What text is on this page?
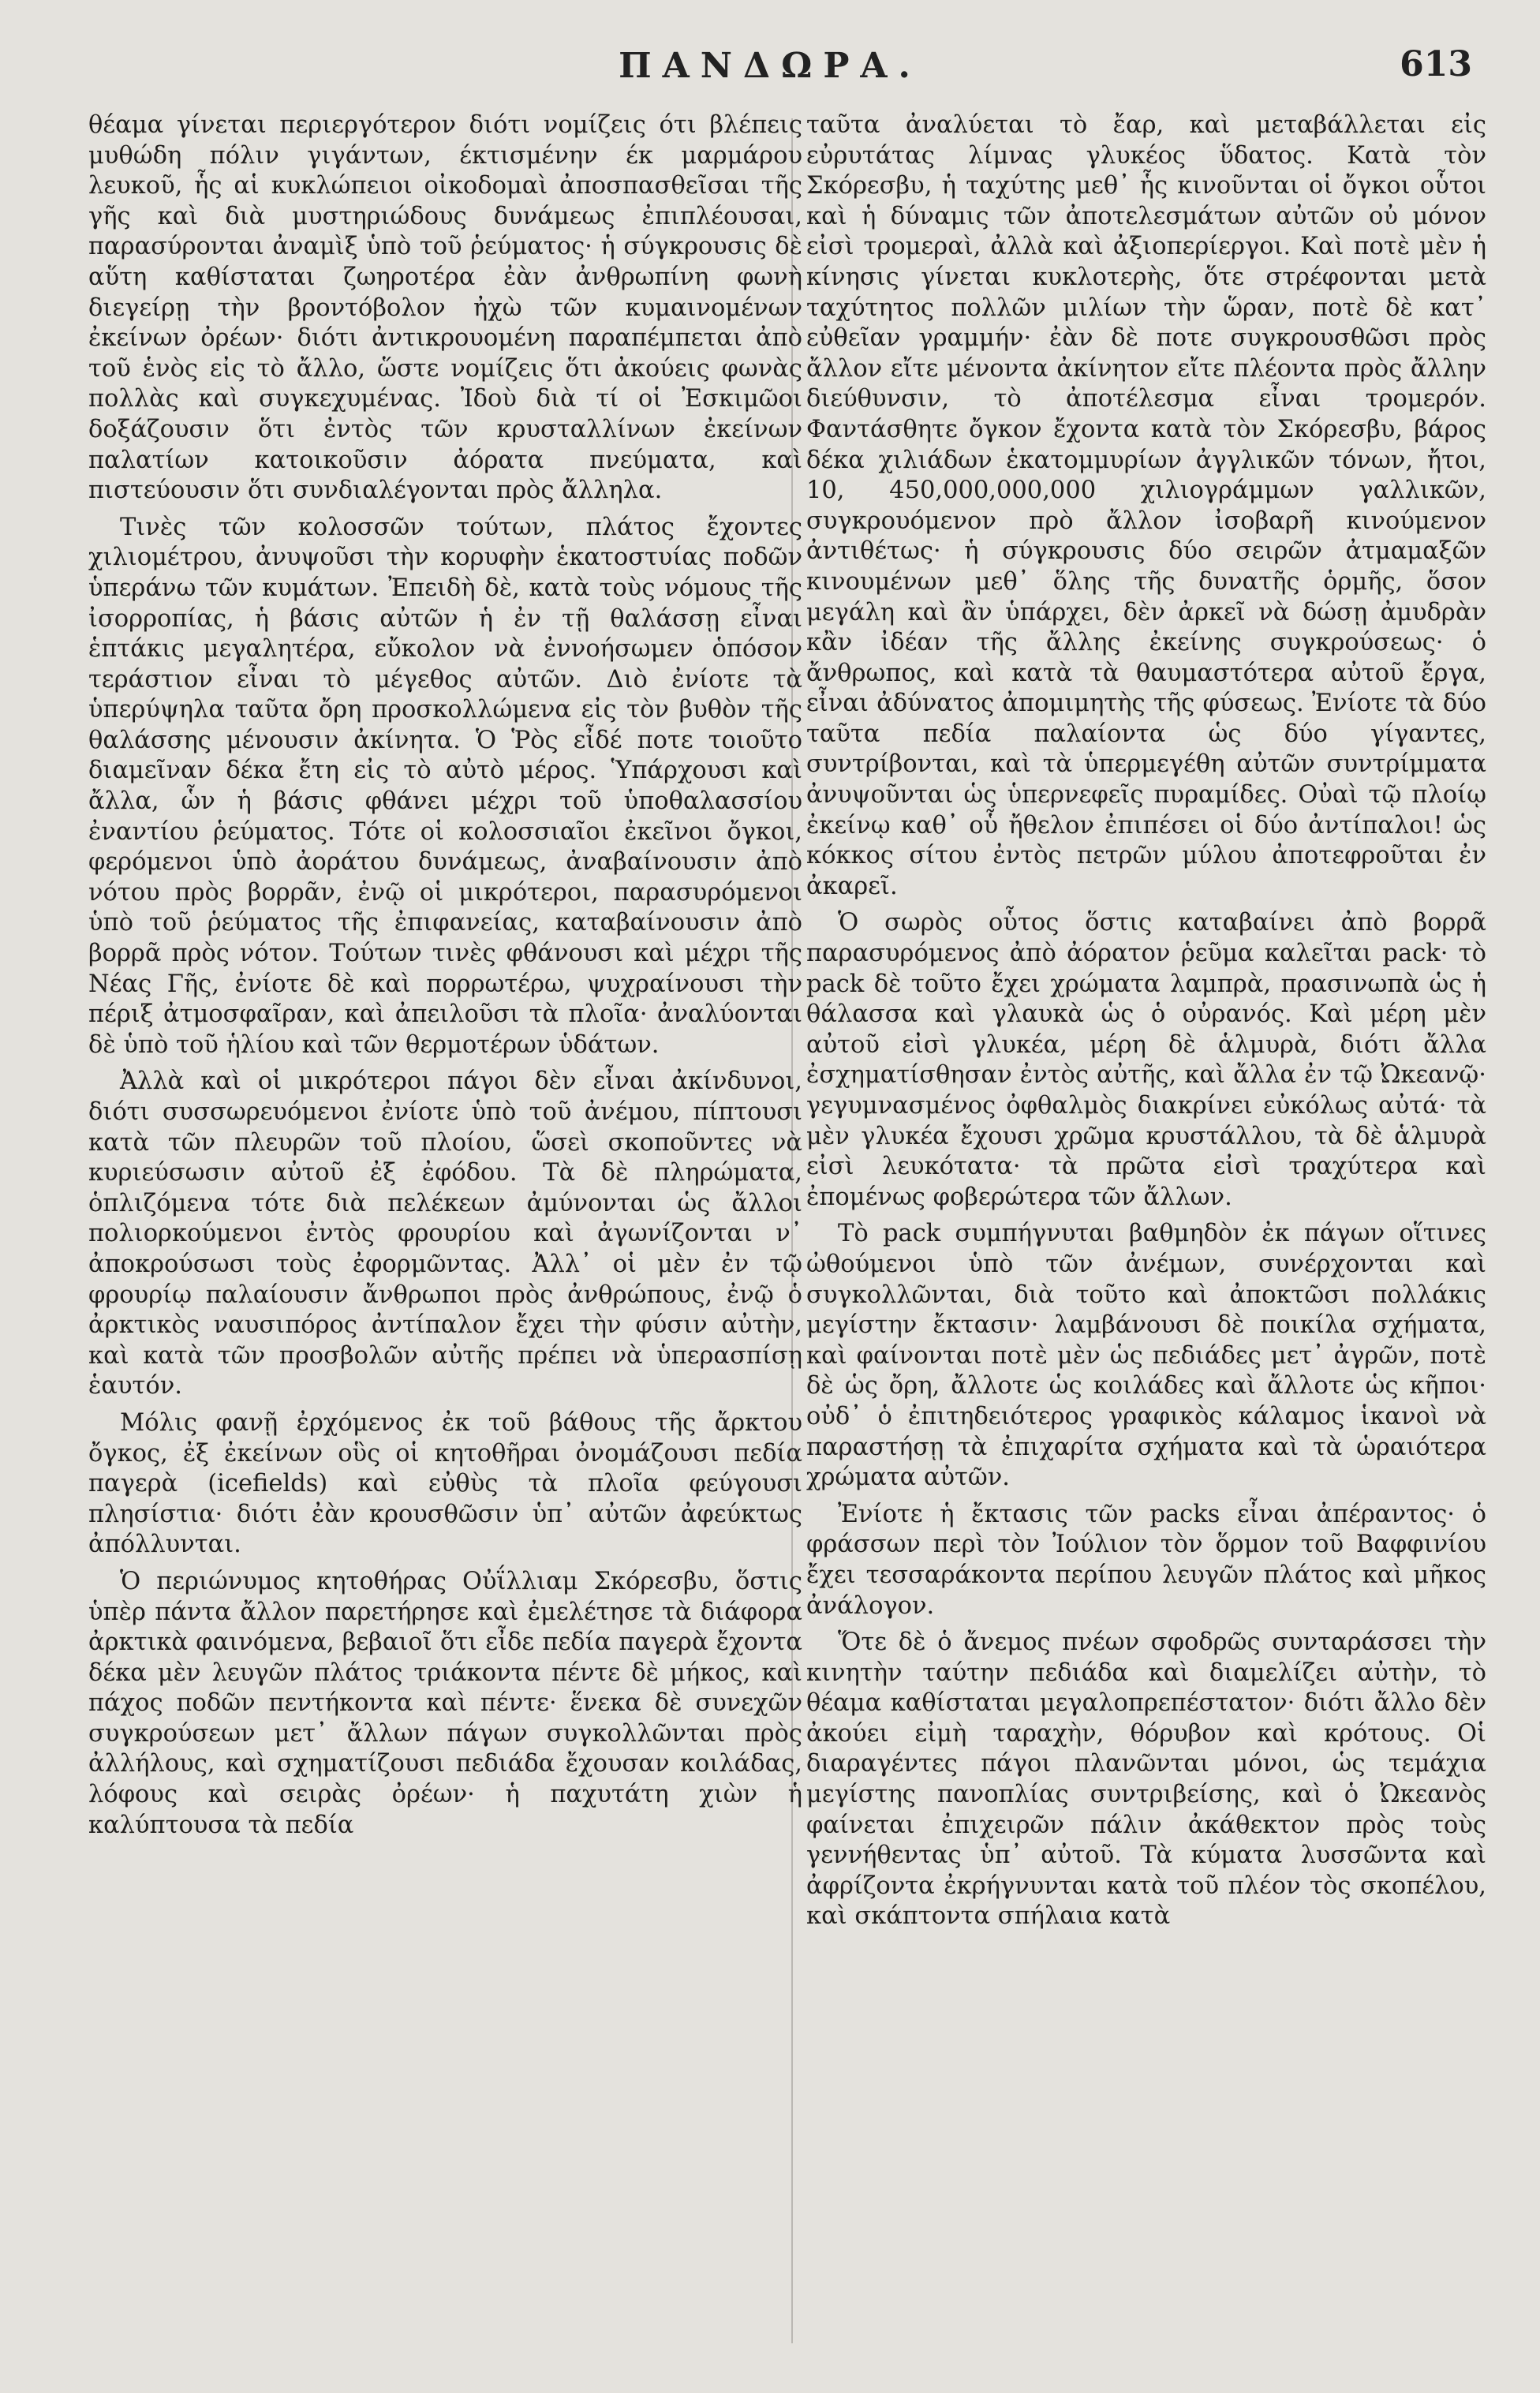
ΠΑΝΔΩΡΑ.	613

θέαμα γίνεται περιεργότερον διότι νομίζεις ότι βλέπεις μυθώδη πόλιν γιγάντων, έκτισμένην έκ μαρμάρου λευκοῦ, ἧς αἱ κυκλώπειοι οἰκοδομαὶ ἀποσπασθεῖσαι τῆς γῆς καὶ διὰ μυστηριώδους δυνάμεως ἐπιπλέουσαι, παρασύρονται ἀναμὶξ ὑπὸ τοῦ ῥεύματος· ἡ σύγκρουσις δὲ αὕτη καθίσταται ζωηροτέρα ἐὰν ἀνθρωπίνη φωνὴ διεγείρῃ τὴν βροντόβολον ἠχὼ τῶν κυμαινομένων ἐκείνων ὀρέων· διότι ἀντικρουομένη παραπέμπεται ἀπὸ τοῦ ἑνὸς εἰς τὸ ἄλλο, ὥστε νομίζεις ὅτι ἀκούεις φωνὰς πολλὰς καὶ συγκεχυμένας. Ἰδοὺ διὰ τί οἱ Ἐσκιμῶοι δοξάζουσιν ὅτι ἐντὸς τῶν κρυσταλλίνων ἐκείνων παλατίων κατοικοῦσιν ἀόρατα πνεύματα, καὶ πιστεύουσιν ὅτι συνδιαλέγονται πρὸς ἄλληλα.

Τινὲς τῶν κολοσσῶν τούτων, πλάτος ἔχοντες χιλιομέτρου, ἀνυψοῦσι τὴν κορυφὴν ἑκατοστυίας ποδῶν ὑπεράνω τῶν κυμάτων. Ἐπειδὴ δὲ, κατὰ τοὺς νόμους τῆς ἰσορροπίας, ἡ βάσις αὐτῶν ἡ ἐν τῇ θαλάσσῃ εἶναι ἑπτάκις μεγαλητέρα, εὔκολον νὰ ἐννοήσωμεν ὁπόσον τεράστιον εἶναι τὸ μέγεθος αὐτῶν. Διὸ ἐνίοτε τὰ ὑπερύψηλα ταῦτα ὄρη προσκολλώμενα εἰς τὸν βυθὸν τῆς θαλάσσης μένουσιν ἀκίνητα. Ὁ Ῥὸς εἶδέ ποτε τοιοῦτο διαμεῖναν δέκα ἔτη εἰς τὸ αὐτὸ μέρος. Ὑπάρχουσι καὶ ἄλλα, ὧν ἡ βάσις φθάνει μέχρι τοῦ ὑποθαλασσίου ἐναντίου ῥεύματος. Τότε οἱ κολοσσιαῖοι ἐκεῖνοι ὄγκοι, φερόμενοι ὑπὸ ἀοράτου δυνάμεως, ἀναβαίνουσιν ἀπὸ νότου πρὸς βορρᾶν, ἐνῷ οἱ μικρότεροι, παρασυρόμενοι ὑπὸ τοῦ ῥεύματος τῆς ἐπιφανείας, καταβαίνουσιν ἀπὸ βορρᾶ πρὸς νότον. Τούτων τινὲς φθάνουσι καὶ μέχρι τῆς Νέας Γῆς, ἐνίοτε δὲ καὶ πορρωτέρω, ψυχραίνουσι τὴν πέριξ ἀτμοσφαῖραν, καὶ ἀπειλοῦσι τὰ πλοῖα· ἀναλύονται δὲ ὑπὸ τοῦ ἡλίου καὶ τῶν θερμοτέρων ὑδάτων.

Ἀλλὰ καὶ οἱ μικρότεροι πάγοι δὲν εἶναι ἀκίνδυνοι, διότι συσσωρευόμενοι ἐνίοτε ὑπὸ τοῦ ἀνέμου, πίπτουσι κατὰ τῶν πλευρῶν τοῦ πλοίου, ὥσεὶ σκοποῦντες νὰ κυριεύσωσιν αὐτοῦ ἐξ ἐφόδου. Τὰ δὲ πληρώματα, ὁπλιζόμενα τότε διὰ πελέκεων ἀμύνονται ὡς ἄλλοι πολιορκούμενοι ἐντὸς φρουρίου καὶ ἀγωνίζονται ν᾽ ἀποκρούσωσι τοὺς ἐφορμῶντας. Ἀλλ᾽ οἱ μὲν ἐν τῷ φρουρίῳ παλαίουσιν ἄνθρωποι πρὸς ἀνθρώπους, ἐνῷ ὁ ἀρκτικὸς ναυσιπόρος ἀντίπαλον ἔχει τὴν φύσιν αὐτὴν, καὶ κατὰ τῶν προσβολῶν αὐτῆς πρέπει νὰ ὑπερασπίσῃ ἑαυτόν.

Μόλις φανῇ ἐρχόμενος ἐκ τοῦ βάθους τῆς ἄρκτου ὄγκος, ἐξ ἐκείνων οὓς οἱ κητοθῆραι ὀνομάζουσι πεδία παγερὰ (icefields) καὶ εὐθὺς τὰ πλοῖα φεύγουσι πλησίστια· διότι ἐὰν κρουσθῶσιν ὑπ᾽ αὐτῶν ἀφεύκτως ἀπόλλυνται.

Ὁ περιώνυμος κητοθήρας Οὐΐλλιαμ Σκόρεσβυ, ὅστις ὑπὲρ πάντα ἄλλον παρετήρησε καὶ ἐμελέτησε τὰ διάφορα ἀρκτικὰ φαινόμενα, βεβαιοῖ ὅτι εἶδε πεδία παγερὰ ἔχοντα δέκα μὲν λευγῶν πλάτος τριάκοντα πέντε δὲ μήκος, καὶ πάχος ποδῶν πεντήκοντα καὶ πέντε· ἕνεκα δὲ συνεχῶν συγκρούσεων μετ᾽ ἄλλων πάγων συγκολλῶνται πρὸς ἀλλήλους, καὶ σχηματίζουσι πεδιάδα ἔχουσαν κοιλάδας, λόφους καὶ σειρὰς ὀρέων· ἡ παχυτάτη χιὼν ἡ καλύπτουσα τὰ πεδία

ταῦτα ἀναλύεται τὸ ἔαρ, καὶ μεταβάλλεται εἰς εὐρυτάτας λίμνας γλυκέος ὕδατος. Κατὰ τὸν Σκόρεσβυ, ἡ ταχύτης μεθ᾽ ἧς κινοῦνται οἱ ὄγκοι οὗτοι καὶ ἡ δύναμις τῶν ἀποτελεσμάτων αὐτῶν οὐ μόνον εἰσὶ τρομεραὶ, ἀλλὰ καὶ ἀξιοπερίεργοι. Καὶ ποτὲ μὲν ἡ κίνησις γίνεται κυκλοτερὴς, ὅτε στρέφονται μετὰ ταχύτητος πολλῶν μιλίων τὴν ὥραν, ποτὲ δὲ κατ᾽ εὐθεῖαν γραμμήν· ἐὰν δὲ ποτε συγκρουσθῶσι πρὸς ἄλλον εἴτε μένοντα ἀκίνητον εἴτε πλέοντα πρὸς ἄλλην διεύθυνσιν, τὸ ἀποτέλεσμα εἶναι τρομερόν. Φαντάσθητε ὄγκον ἔχοντα κατὰ τὸν Σκόρεσβυ, βάρος δέκα χιλιάδων ἑκατομμυρίων ἀγγλικῶν τόνων, ἤτοι, 10, 450,000,000,000 χιλιογράμμων γαλλικῶν, συγκρουόμενον πρὸ ἄλλον ἰσοβαρῆ κινούμενον ἀντιθέτως· ἡ σύγκρουσις δύο σειρῶν ἀτμαμαξῶν κινουμένων μεθ᾽ ὅλης τῆς δυνατῆς ὁρμῆς, ὅσον μεγάλη καὶ ἂν ὑπάρχει, δὲν ἀρκεῖ νὰ δώσῃ ἀμυδρὰν κἂν ἰδέαν τῆς ἄλλης ἐκείνης συγκρούσεως· ὁ ἄνθρωπος, καὶ κατὰ τὰ θαυμαστότερα αὐτοῦ ἔργα, εἶναι ἀδύνατος ἀπομιμητὴς τῆς φύσεως. Ἐνίοτε τὰ δύο ταῦτα πεδία παλαίοντα ὡς δύο γίγαντες, συντρίβονται, καὶ τὰ ὑπερμεγέθη αὐτῶν συντρίμματα ἀνυψοῦνται ὡς ὑπερνεφεῖς πυραμίδες. Οὐαὶ τῷ πλοίῳ ἐκείνῳ καθ᾽ οὗ ἤθελον ἐπιπέσει οἱ δύο ἀντίπαλοι! ὡς κόκκος σίτου ἐντὸς πετρῶν μύλου ἀποτεφροῦται ἐν ἀκαρεῖ.

Ὁ σωρὸς οὗτος ὅστις καταβαίνει ἀπὸ βορρᾶ παρασυρόμενος ἀπὸ ἀόρατον ῥεῦμα καλεῖται pack· τὸ pack δὲ τοῦτο ἔχει χρώματα λαμπρὰ, πρασινωπὰ ὡς ἡ θάλασσα καὶ γλαυκὰ ὡς ὁ οὐρανός. Καὶ μέρη μὲν αὐτοῦ εἰσὶ γλυκέα, μέρη δὲ ἁλμυρὰ, διότι ἄλλα ἐσχηματίσθησαν ἐντὸς αὐτῆς, καὶ ἄλλα ἐν τῷ Ὠκεανῷ· γεγυμνασμένος ὀφθαλμὸς διακρίνει εὐκόλως αὐτά· τὰ μὲν γλυκέα ἔχουσι χρῶμα κρυστάλλου, τὰ δὲ ἁλμυρὰ εἰσὶ λευκότατα· τὰ πρῶτα εἰσὶ τραχύτερα καὶ ἐπομένως φοβερώτερα τῶν ἄλλων.

Τὸ pack συμπήγνυται βαθμηδὸν ἐκ πάγων οἵτινες ὠθούμενοι ὑπὸ τῶν ἀνέμων, συνέρχονται καὶ συγκολλῶνται, διὰ τοῦτο καὶ ἀποκτῶσι πολλάκις μεγίστην ἔκτασιν· λαμβάνουσι δὲ ποικίλα σχήματα, καὶ φαίνονται ποτὲ μὲν ὡς πεδιάδες μετ᾽ ἀγρῶν, ποτὲ δὲ ὡς ὄρη, ἄλλοτε ὡς κοιλάδες καὶ ἄλλοτε ὡς κῆποι· οὐδ᾽ ὁ ἐπιτηδειότερος γραφικὸς κάλαμος ἱκανοὶ νὰ παραστήσῃ τὰ ἐπιχαρίτα σχήματα καὶ τὰ ὡραιότερα χρώματα αὐτῶν.

Ἐνίοτε ἡ ἔκτασις τῶν packs εἶναι ἀπέραντος· ὁ φράσσων περὶ τὸν Ἰούλιον τὸν ὅρμον τοῦ Βαφφινίου ἔχει τεσσαράκοντα περίπου λευγῶν πλάτος καὶ μῆκος ἀνάλογον.

Ὅτε δὲ ὁ ἄνεμος πνέων σφοδρῶς συνταράσσει τὴν κινητὴν ταύτην πεδιάδα καὶ διαμελίζει αὐτὴν, τὸ θέαμα καθίσταται μεγαλοπρεπέστατον· διότι ἄλλο δὲν ἀκούει εἰμὴ ταραχὴν, θόρυβον καὶ κρότους. Οἱ διαραγέντες πάγοι πλανῶνται μόνοι, ὡς τεμάχια μεγίστης πανοπλίας συντριβείσης, καὶ ὁ Ὠκεανὸς φαίνεται ἐπιχειρῶν πάλιν ἀκάθεκτον πρὸς τοὺς γεννήθεντας ὑπ᾽ αὐτοῦ. Τὰ κύματα λυσσῶντα καὶ ἀφρίζοντα ἐκρήγνυνται κατὰ τοῦ πλέον τὸς σκοπέλου, καὶ σκάπτοντα σπήλαια κατὰ
